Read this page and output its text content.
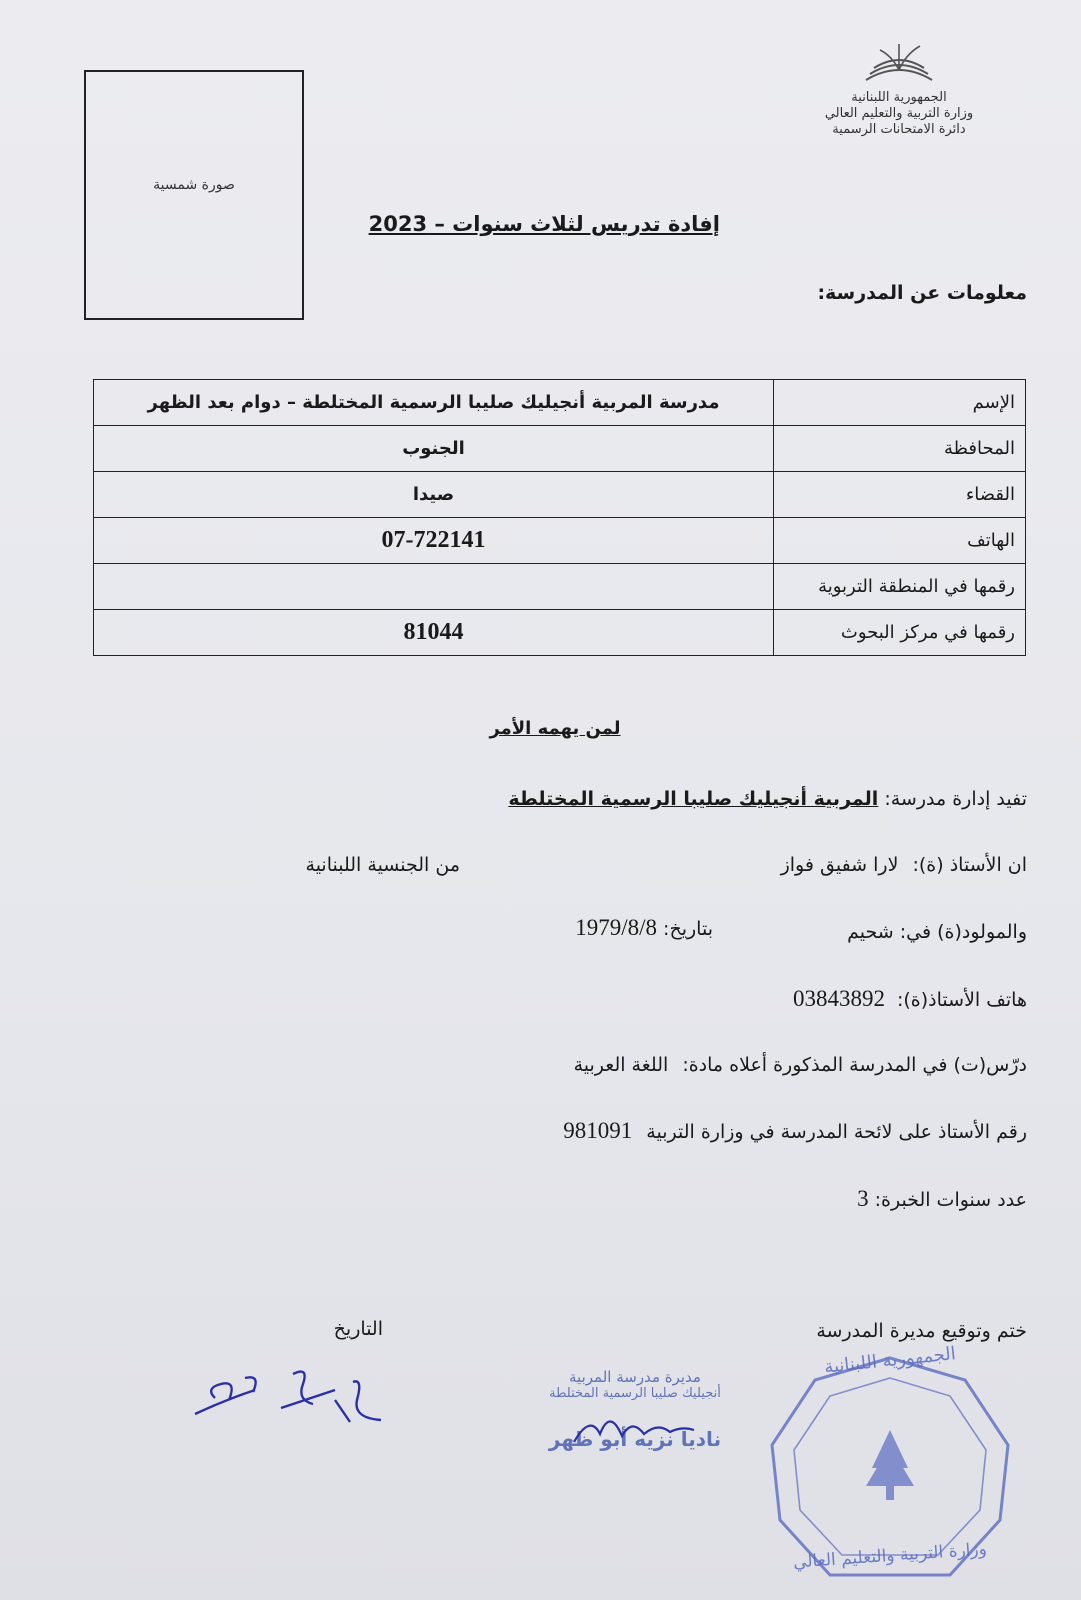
الجمهورية اللبنانية
وزارة التربية والتعليم العالي
دائرة الامتحانات الرسمية
صورة شمسية
إفادة تدريس لثلاث سنوات – 2023
معلومات عن المدرسة:
الإسم	مدرسة المربية أنجيليك صليبا الرسمية المختلطة – دوام بعد الظهر
المحافظة	الجنوب
القضاء	صيدا
الهاتف	07-722141
رقمها في المنطقة التربوية	
رقمها في مركز البحوث	81044
لمن يهمه الأمر
تفيد إدارة مدرسة: المربية أنجيليك صليبا الرسمية المختلطة
ان الأستاذ (ة): لارا شفيق فواز
من الجنسية اللبنانية
والمولود(ة) في: شحيم
بتاريخ: 1979/8/8
هاتف الأستاذ(ة): 03843892
درّس(ت) في المدرسة المذكورة أعلاه مادة: اللغة العربية
رقم الأستاذ على لائحة المدرسة في وزارة التربية 981091
عدد سنوات الخبرة: 3
ختم وتوقيع مديرة المدرسة
التاريخ
مديرة مدرسة المربية
أنجيليك صليبا الرسمية المختلطة
ناديا نزيه أبو ظهر
الجمهورية اللبنانية
وزارة التربية والتعليم العالي
